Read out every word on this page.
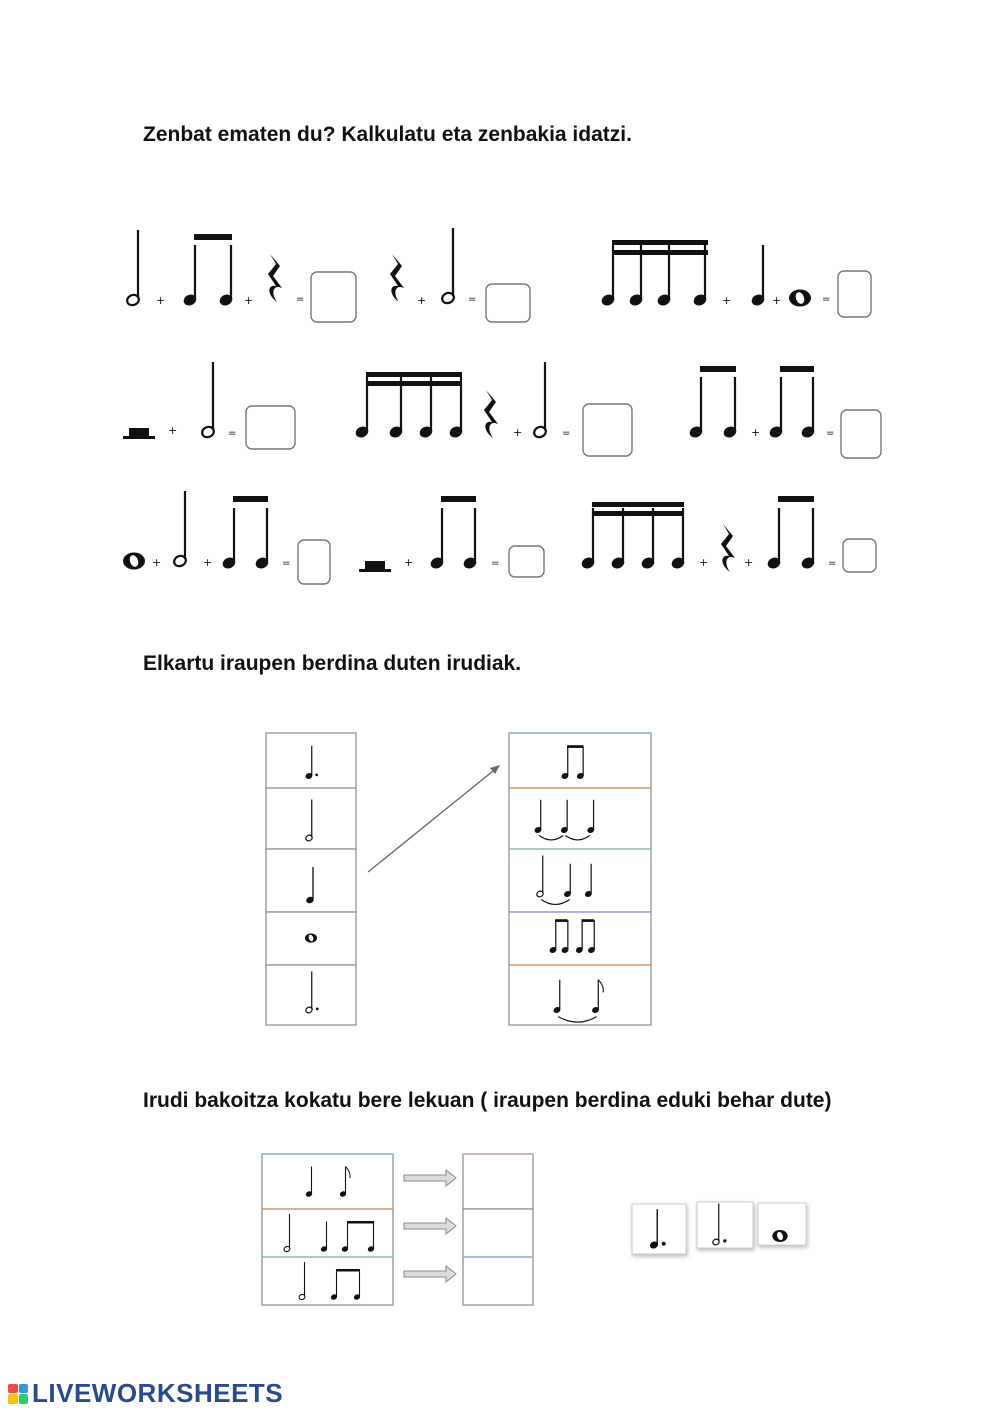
Zenbat ematen du? Kalkulatu eta zenbakia idatzi.
Elkartu iraupen berdina duten irudiak.
Irudi bakoitza kokatu bere lekuan ( iraupen berdina eduki behar dute)
+	+	=	+	=	+	+	=
+	=	+	=	+	=
+	+	=	+	=	+	+	=
LIVEWORKSHEETS
